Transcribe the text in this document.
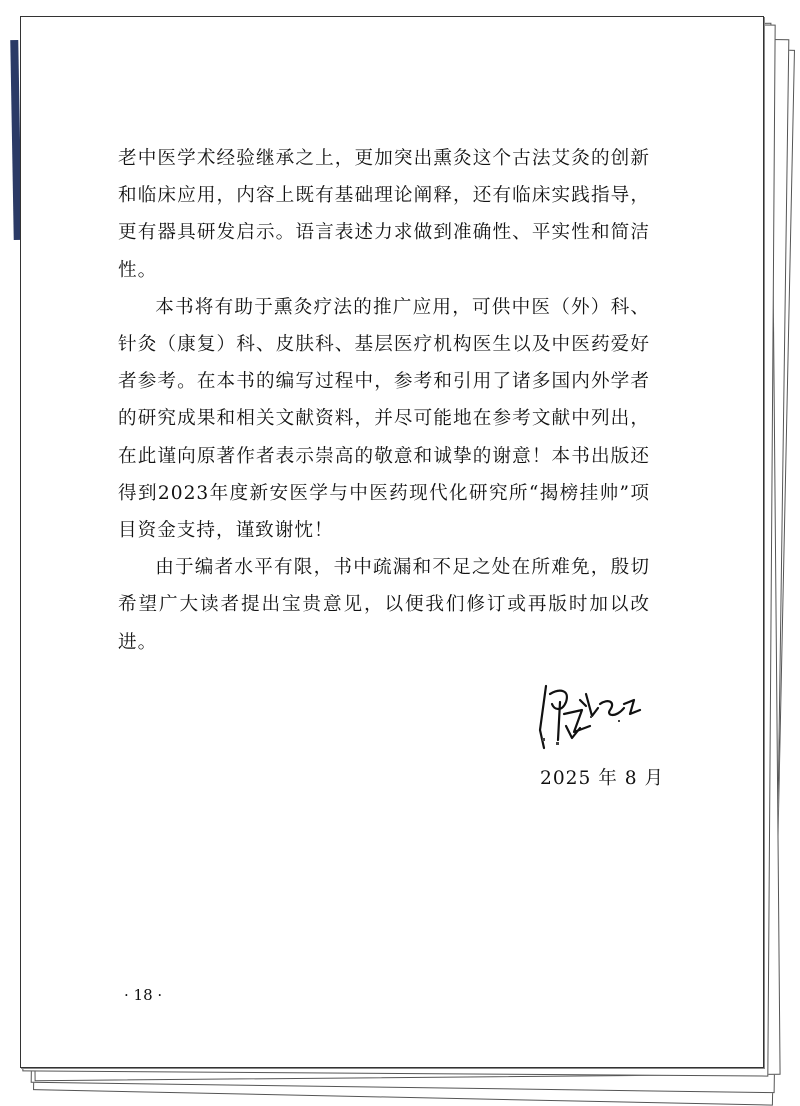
老中医学术经验继承之上，更加突出熏灸这个古法艾灸的创新和临床应用，内容上既有基础理论阐释，还有临床实践指导，更有器具研发启示。语言表述力求做到准确性、平实性和简洁性。

本书将有助于熏灸疗法的推广应用，可供中医（外）科、针灸（康复）科、皮肤科、基层医疗机构医生以及中医药爱好者参考。在本书的编写过程中，参考和引用了诸多国内外学者的研究成果和相关文献资料，并尽可能地在参考文献中列出，在此谨向原著作者表示崇高的敬意和诚挚的谢意！本书出版还得到2023年度新安医学与中医药现代化研究所“揭榜挂帅”项目资金支持，谨致谢忱！

由于编者水平有限，书中疏漏和不足之处在所难免，殷切希望广大读者提出宝贵意见，以便我们修订或再版时加以改进。

2025 年 8 月
· 18 ·
